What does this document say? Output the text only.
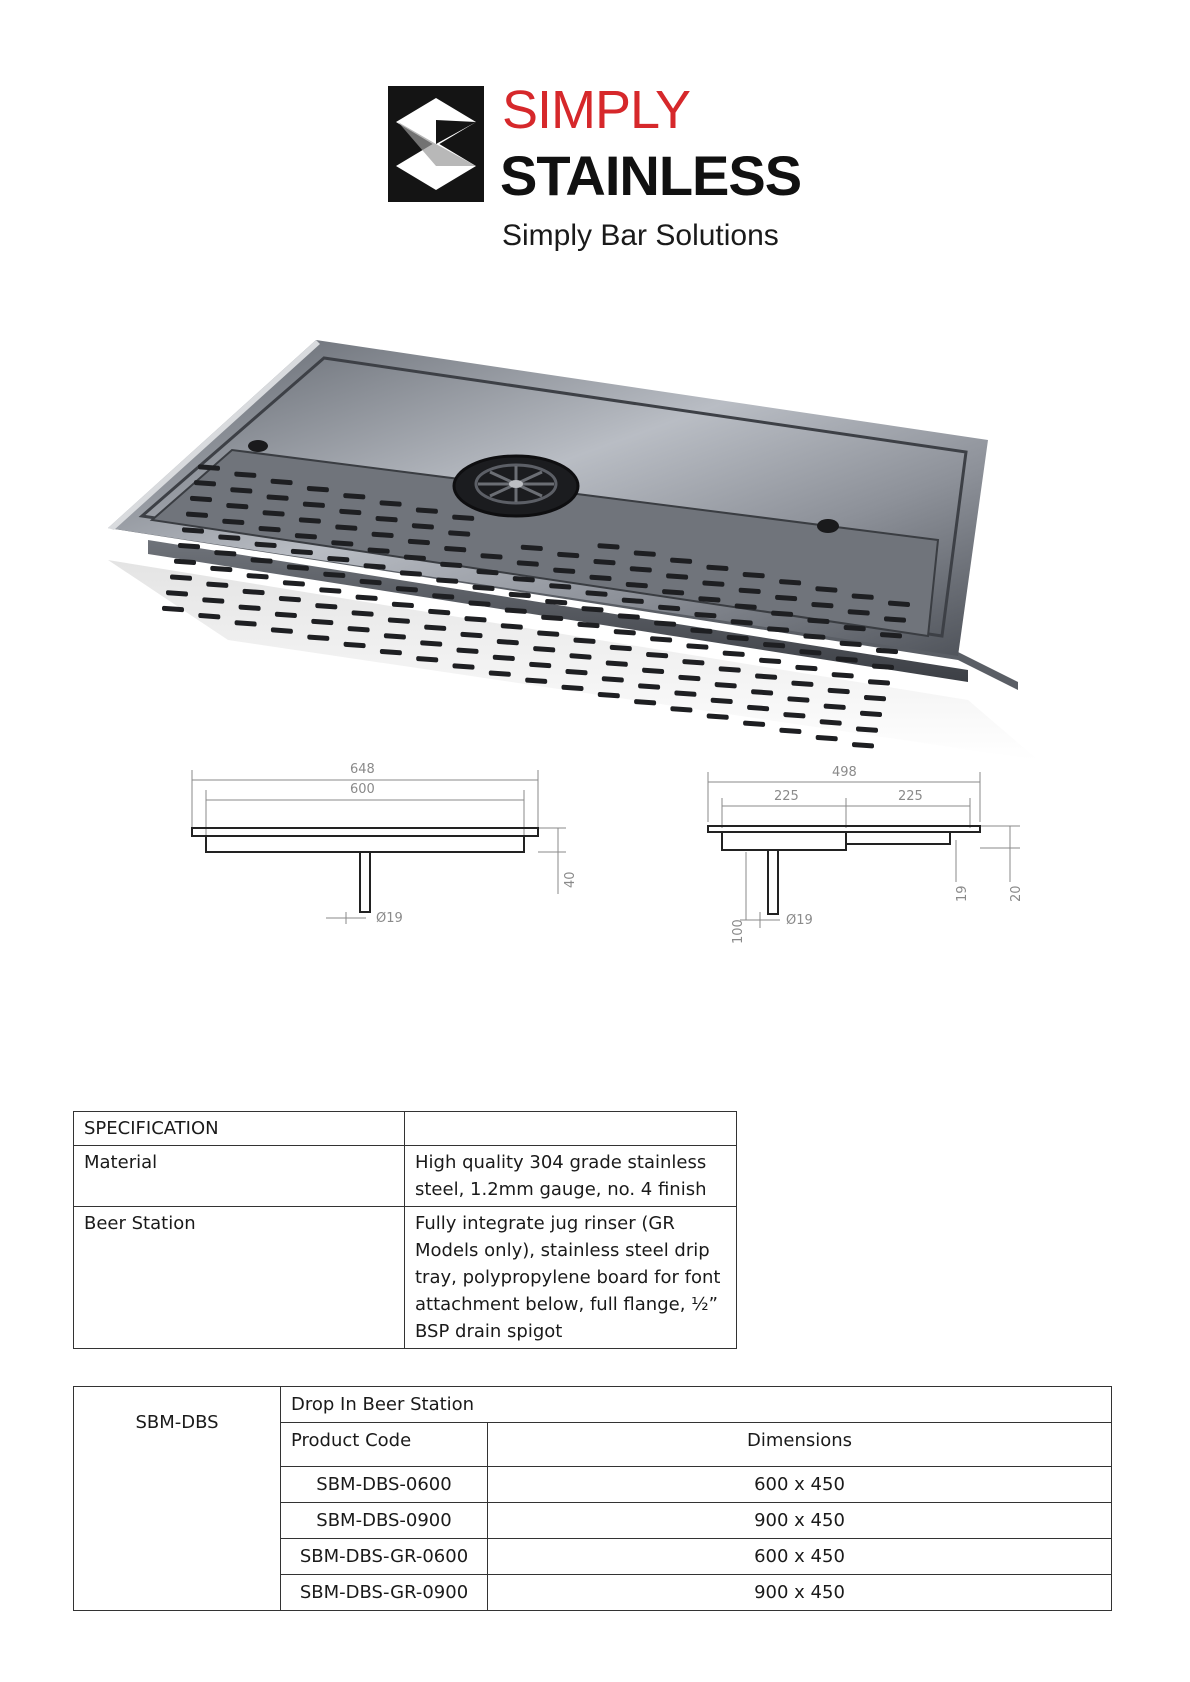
SIMPLY
STAINLESS
Simply Bar Solutions
648
600
40
Ø19
498
225	225
19	20
100	Ø19
SPECIFICATION	
Material	High quality 304 grade stainless steel, 1.2mm gauge, no. 4 finish
Beer Station	Fully integrate jug rinser (GR Models only), stainless steel drip tray, polypropylene board for font attachment below, full flange, ½” BSP drain spigot
SBM-DBS	Drop In Beer Station	
	Product Code	Dimensions
	SBM-DBS-0600	600 x 450
	SBM-DBS-0900	900 x 450
	SBM-DBS-GR-0600	600 x 450
	SBM-DBS-GR-0900	900 x 450
